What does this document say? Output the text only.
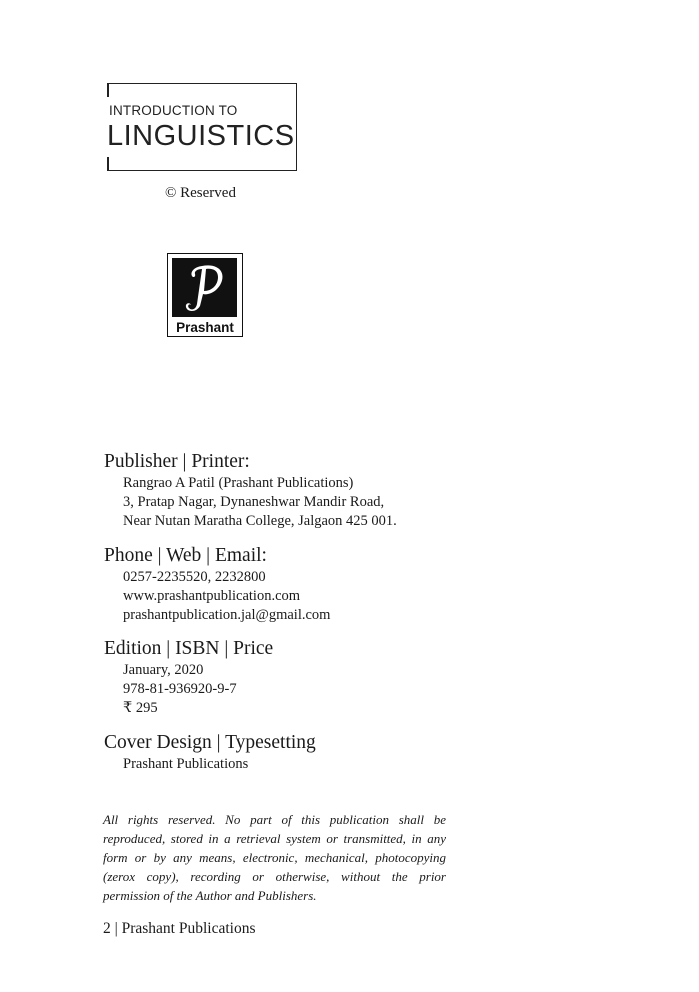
INTRODUCTION TO
LINGUISTICS
© Reserved
Prashant
Publisher | Printer:
Rangrao A Patil (Prashant Publications)
3, Pratap Nagar, Dynaneshwar Mandir Road,
Near Nutan Maratha College, Jalgaon 425 001.
Phone | Web | Email:
0257-2235520, 2232800
www.prashantpublication.com
prashantpublication.jal@gmail.com
Edition | ISBN | Price
January, 2020
978-81-936920-9-7
₹ 295
Cover Design | Typesetting
Prashant Publications
All rights reserved. No part of this publication shall be
reproduced, stored in a retrieval system or transmitted, in any
form or by any means, electronic, mechanical, photocopying
(zerox copy), recording or otherwise, without the prior
permission of the Author and Publishers.
2 | Prashant Publications
